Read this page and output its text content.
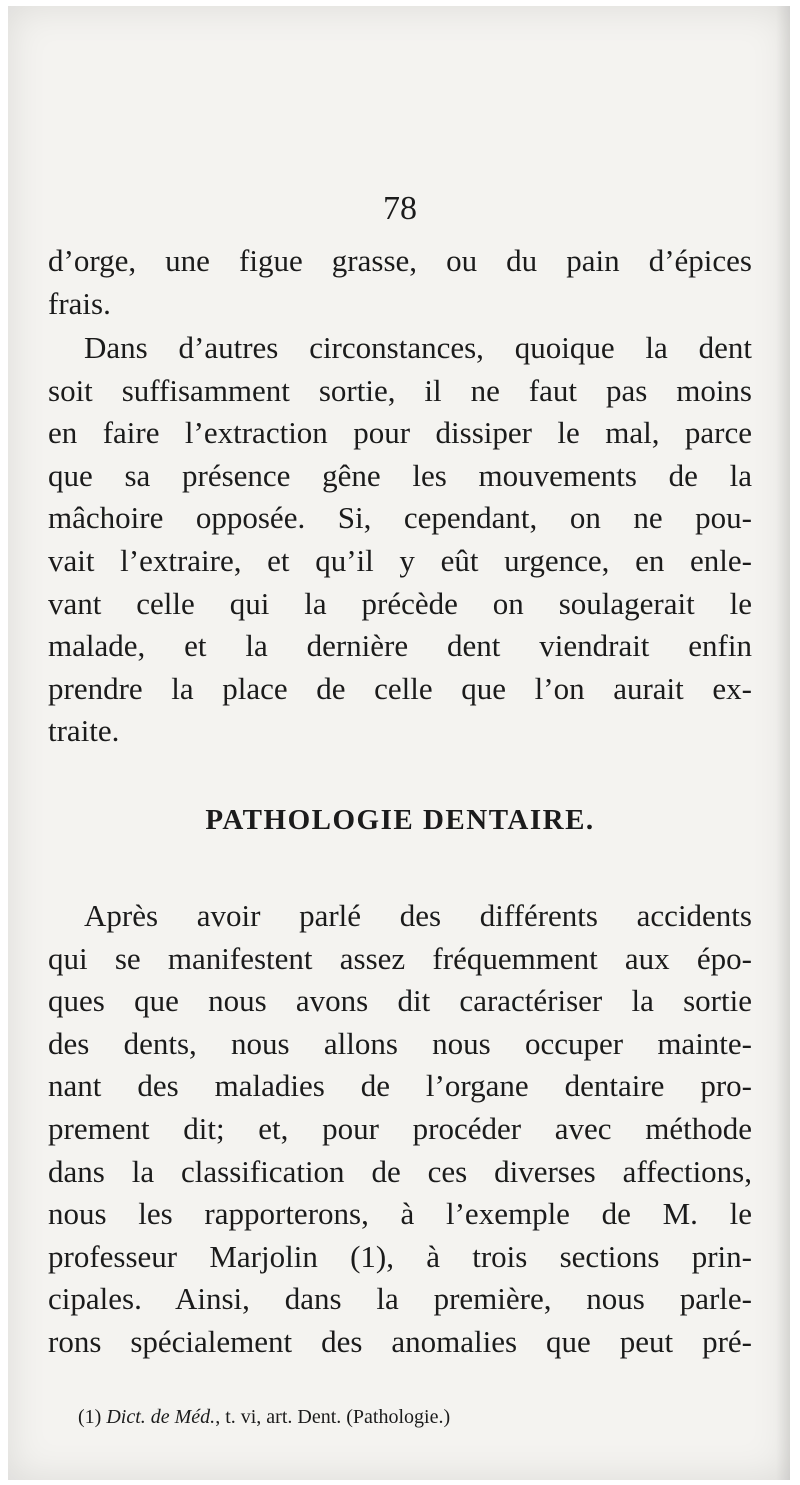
78
d’orge, une figue grasse, ou du pain d’épices
frais.
Dans d’autres circonstances, quoique la dent
soit suffisamment sortie, il ne faut pas moins
en faire l’extraction pour dissiper le mal, parce
que sa présence gêne les mouvements de la
mâchoire opposée. Si, cependant, on ne pou-
vait l’extraire, et qu’il y eût urgence, en enle-
vant celle qui la précède on soulagerait le
malade, et la dernière dent viendrait enfin
prendre la place de celle que l’on aurait ex-
traite.
PATHOLOGIE DENTAIRE.
Après avoir parlé des différents accidents
qui se manifestent assez fréquemment aux épo-
ques que nous avons dit caractériser la sortie
des dents, nous allons nous occuper mainte-
nant des maladies de l’organe dentaire pro-
prement dit; et, pour procéder avec méthode
dans la classification de ces diverses affections,
nous les rapporterons, à l’exemple de M. le
professeur Marjolin (1), à trois sections prin-
cipales. Ainsi, dans la première, nous parle-
rons spécialement des anomalies que peut pré-
(1) Dict. de Méd., t. vi, art. Dent. (Pathologie.)
